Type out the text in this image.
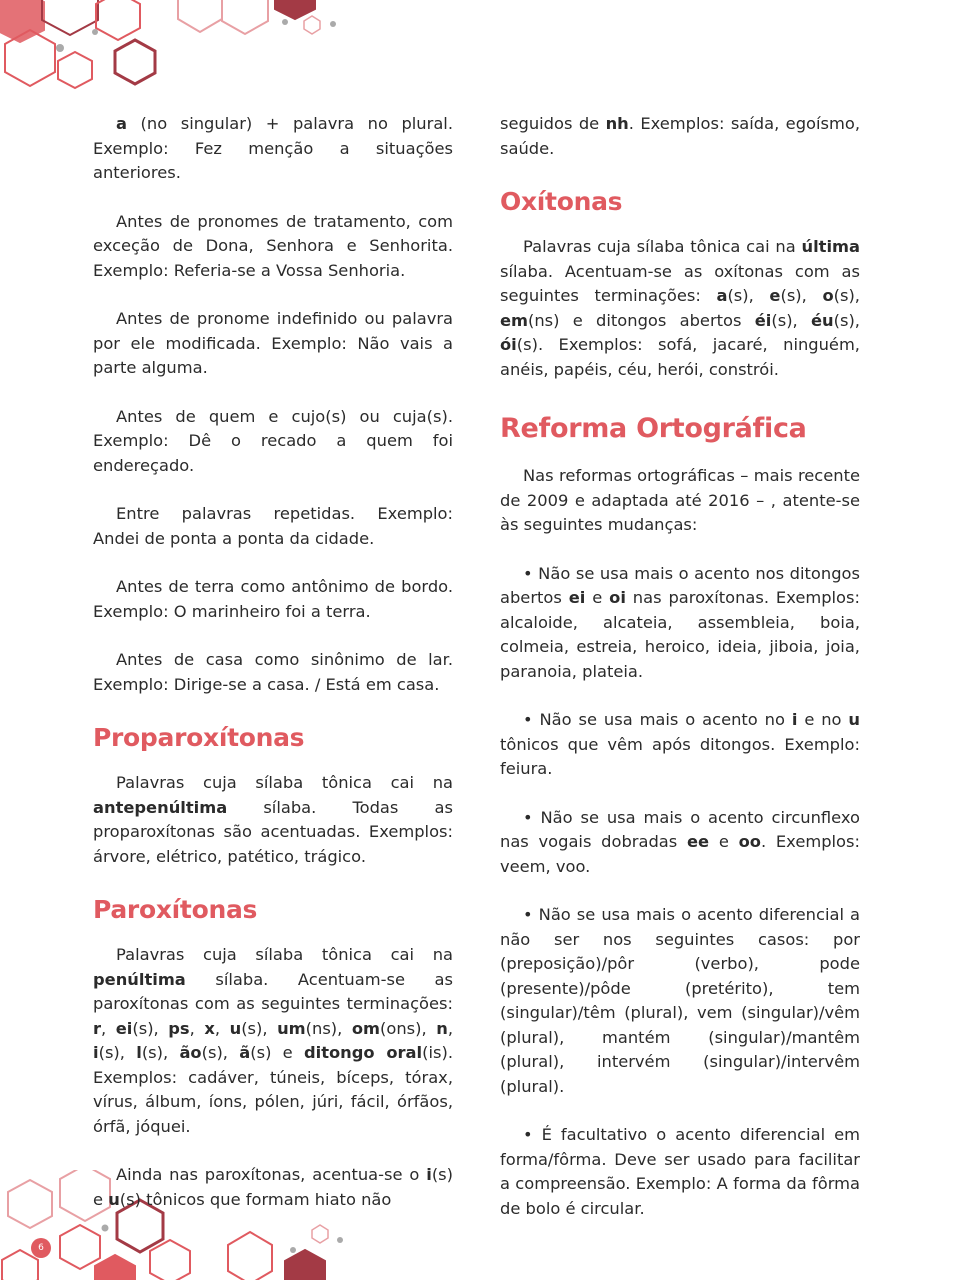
6

a (no singular) + palavra no plural. Exemplo: Fez menção a situações anteriores.

Antes de pronomes de tratamento, com exceção de Dona, Senhora e Senhorita. Exemplo: Referia-se a Vossa Senhoria.

Antes de pronome indefinido ou palavra por ele modificada. Exemplo: Não vais a parte alguma.

Antes de quem e cujo(s) ou cuja(s). Exemplo: Dê o recado a quem foi endereçado.

Entre palavras repetidas. Exemplo: Andei de ponta a ponta da cidade.

Antes de terra como antônimo de bordo. Exemplo: O marinheiro foi a terra.

Antes de casa como sinônimo de lar. Exemplo: Dirige-se a casa. / Está em casa.

Proparoxítonas

Palavras cuja sílaba tônica cai na antepenúltima sílaba. Todas as proparoxítonas são acentuadas. Exemplos: árvore, elétrico, patético, trágico.

Paroxítonas

Palavras cuja sílaba tônica cai na penúltima sílaba. Acentuam-se as paroxítonas com as seguintes terminações: r, ei(s), ps, x, u(s), um(ns), om(ons), n, i(s), l(s), ão(s), ã(s) e ditongo oral(is). Exemplos: cadáver, túneis, bíceps, tórax, vírus, álbum, íons, pólen, júri, fácil, órfãos, órfã, jóquei.

Ainda nas paroxítonas, acentua-se o i(s) e u(s) tônicos que formam hiato não

seguidos de nh. Exemplos: saída, egoísmo, saúde.

Oxítonas

Palavras cuja sílaba tônica cai na última sílaba. Acentuam-se as oxítonas com as seguintes terminações: a(s), e(s), o(s), em(ns) e ditongos abertos éi(s), éu(s), ói(s). Exemplos: sofá, jacaré, ninguém, anéis, papéis, céu, herói, constrói.

Reforma Ortográfica

Nas reformas ortográficas – mais recente de 2009 e adaptada até 2016 – , atente-se às seguintes mudanças:

• Não se usa mais o acento nos ditongos abertos ei e oi nas paroxítonas. Exemplos: alcaloide, alcateia, assembleia, boia, colmeia, estreia, heroico, ideia, jiboia, joia, paranoia, plateia.

• Não se usa mais o acento no i e no u tônicos que vêm após ditongos. Exemplo: feiura.

• Não se usa mais o acento circunflexo nas vogais dobradas ee e oo. Exemplos: veem, voo.

• Não se usa mais o acento diferencial a não ser nos seguintes casos: por (preposição)/pôr (verbo), pode (presente)/pôde (pretérito), tem (singular)/têm (plural), vem (singular)/vêm (plural), mantém (singular)/mantêm (plural), intervém (singular)/intervêm (plural).

• É facultativo o acento diferencial em forma/fôrma. Deve ser usado para facilitar a compreensão. Exemplo: A forma da fôrma de bolo é circular.
